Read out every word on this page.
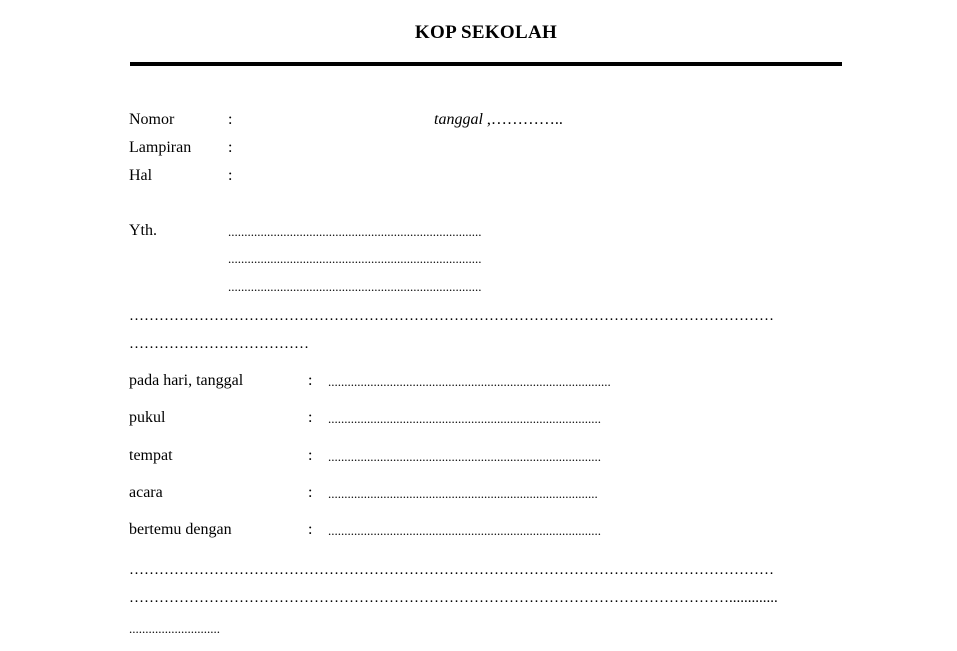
KOP SEKOLAH
Nomor	:	tanggal ,…………..
Lampiran :
Hal	:
Yth.	..............................................................................
..............................................................................
..............................................................................
…………………………………………………………………………………………………………………
………………………………
pada hari, tanggal	: .......................................................................................
pukul	: ....................................................................................
tempat	: ....................................................................................
acara	: ...................................................................................
bertemu dengan	: ....................................................................................
…………………………………………………………………………………………………………………
………………………………………………………………………………………………………….............
............................
